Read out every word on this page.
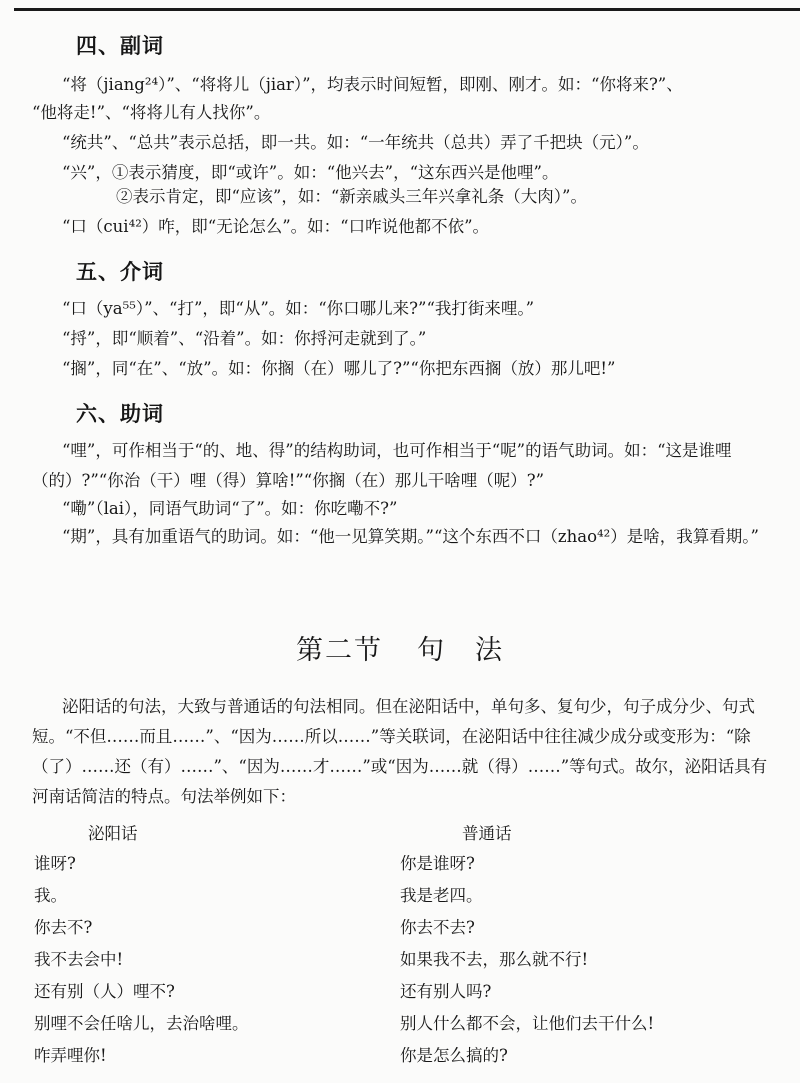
四、副词
“将（jiang²⁴）”、“将将儿（jiar）”，均表示时间短暂，即刚、刚才。如：“你将来?”、
“他将走!”、“将将儿有人找你”。
“统共”、“总共”表示总括，即一共。如：“一年统共（总共）弄了千把块（元）”。
“兴”，①表示猜度，即“或许”。如：“他兴去”，“这东西兴是他哩”。
②表示肯定，即“应该”，如：“新亲戚头三年兴拿礼条（大肉）”。
“口（cui⁴²）咋，即“无论怎么”。如：“口咋说他都不依”。
五、介词
“口（ya⁵⁵）”、“打”，即“从”。如：“你口哪儿来?”“我打街来哩。”
“捋”，即“顺着”、“沿着”。如：你捋河走就到了。”
“搁”，同“在”、“放”。如：你搁（在）哪儿了?”“你把东西搁（放）那儿吧!”
六、助词
“哩”，可作相当于“的、地、得”的结构助词，也可作相当于“呢”的语气助词。如：“这是谁哩（的）?”“你治（干）哩（得）算啥!”“你搁（在）那儿干啥哩（呢）?”
“嘞”（lai），同语气助词“了”。如：你吃嘞不?”
“期”，具有加重语气的助词。如：“他一见算笑期。”“这个东西不口（zhao⁴²）是啥，我算看期。”
第二节 句　法
泌阳话的句法，大致与普通话的句法相同。但在泌阳话中，单句多、复句少，句子成分少、句式短。“不但……而且……”、“因为……所以……”等关联词，在泌阳话中往往减少成分或变形为：“除（了）……还（有）……”、“因为……才……”或“因为……就（得）……”等句式。故尔，泌阳话具有河南话简洁的特点。句法举例如下：
泌阳话	普通话
谁呀?	你是谁呀?
我。	我是老四。
你去不?	你去不去?
我不去会中!	如果我不去，那么就不行!
还有别（人）哩不?	还有别人吗?
别哩不会任啥儿，去治啥哩。	别人什么都不会，让他们去干什么!
咋弄哩你!	你是怎么搞的?
